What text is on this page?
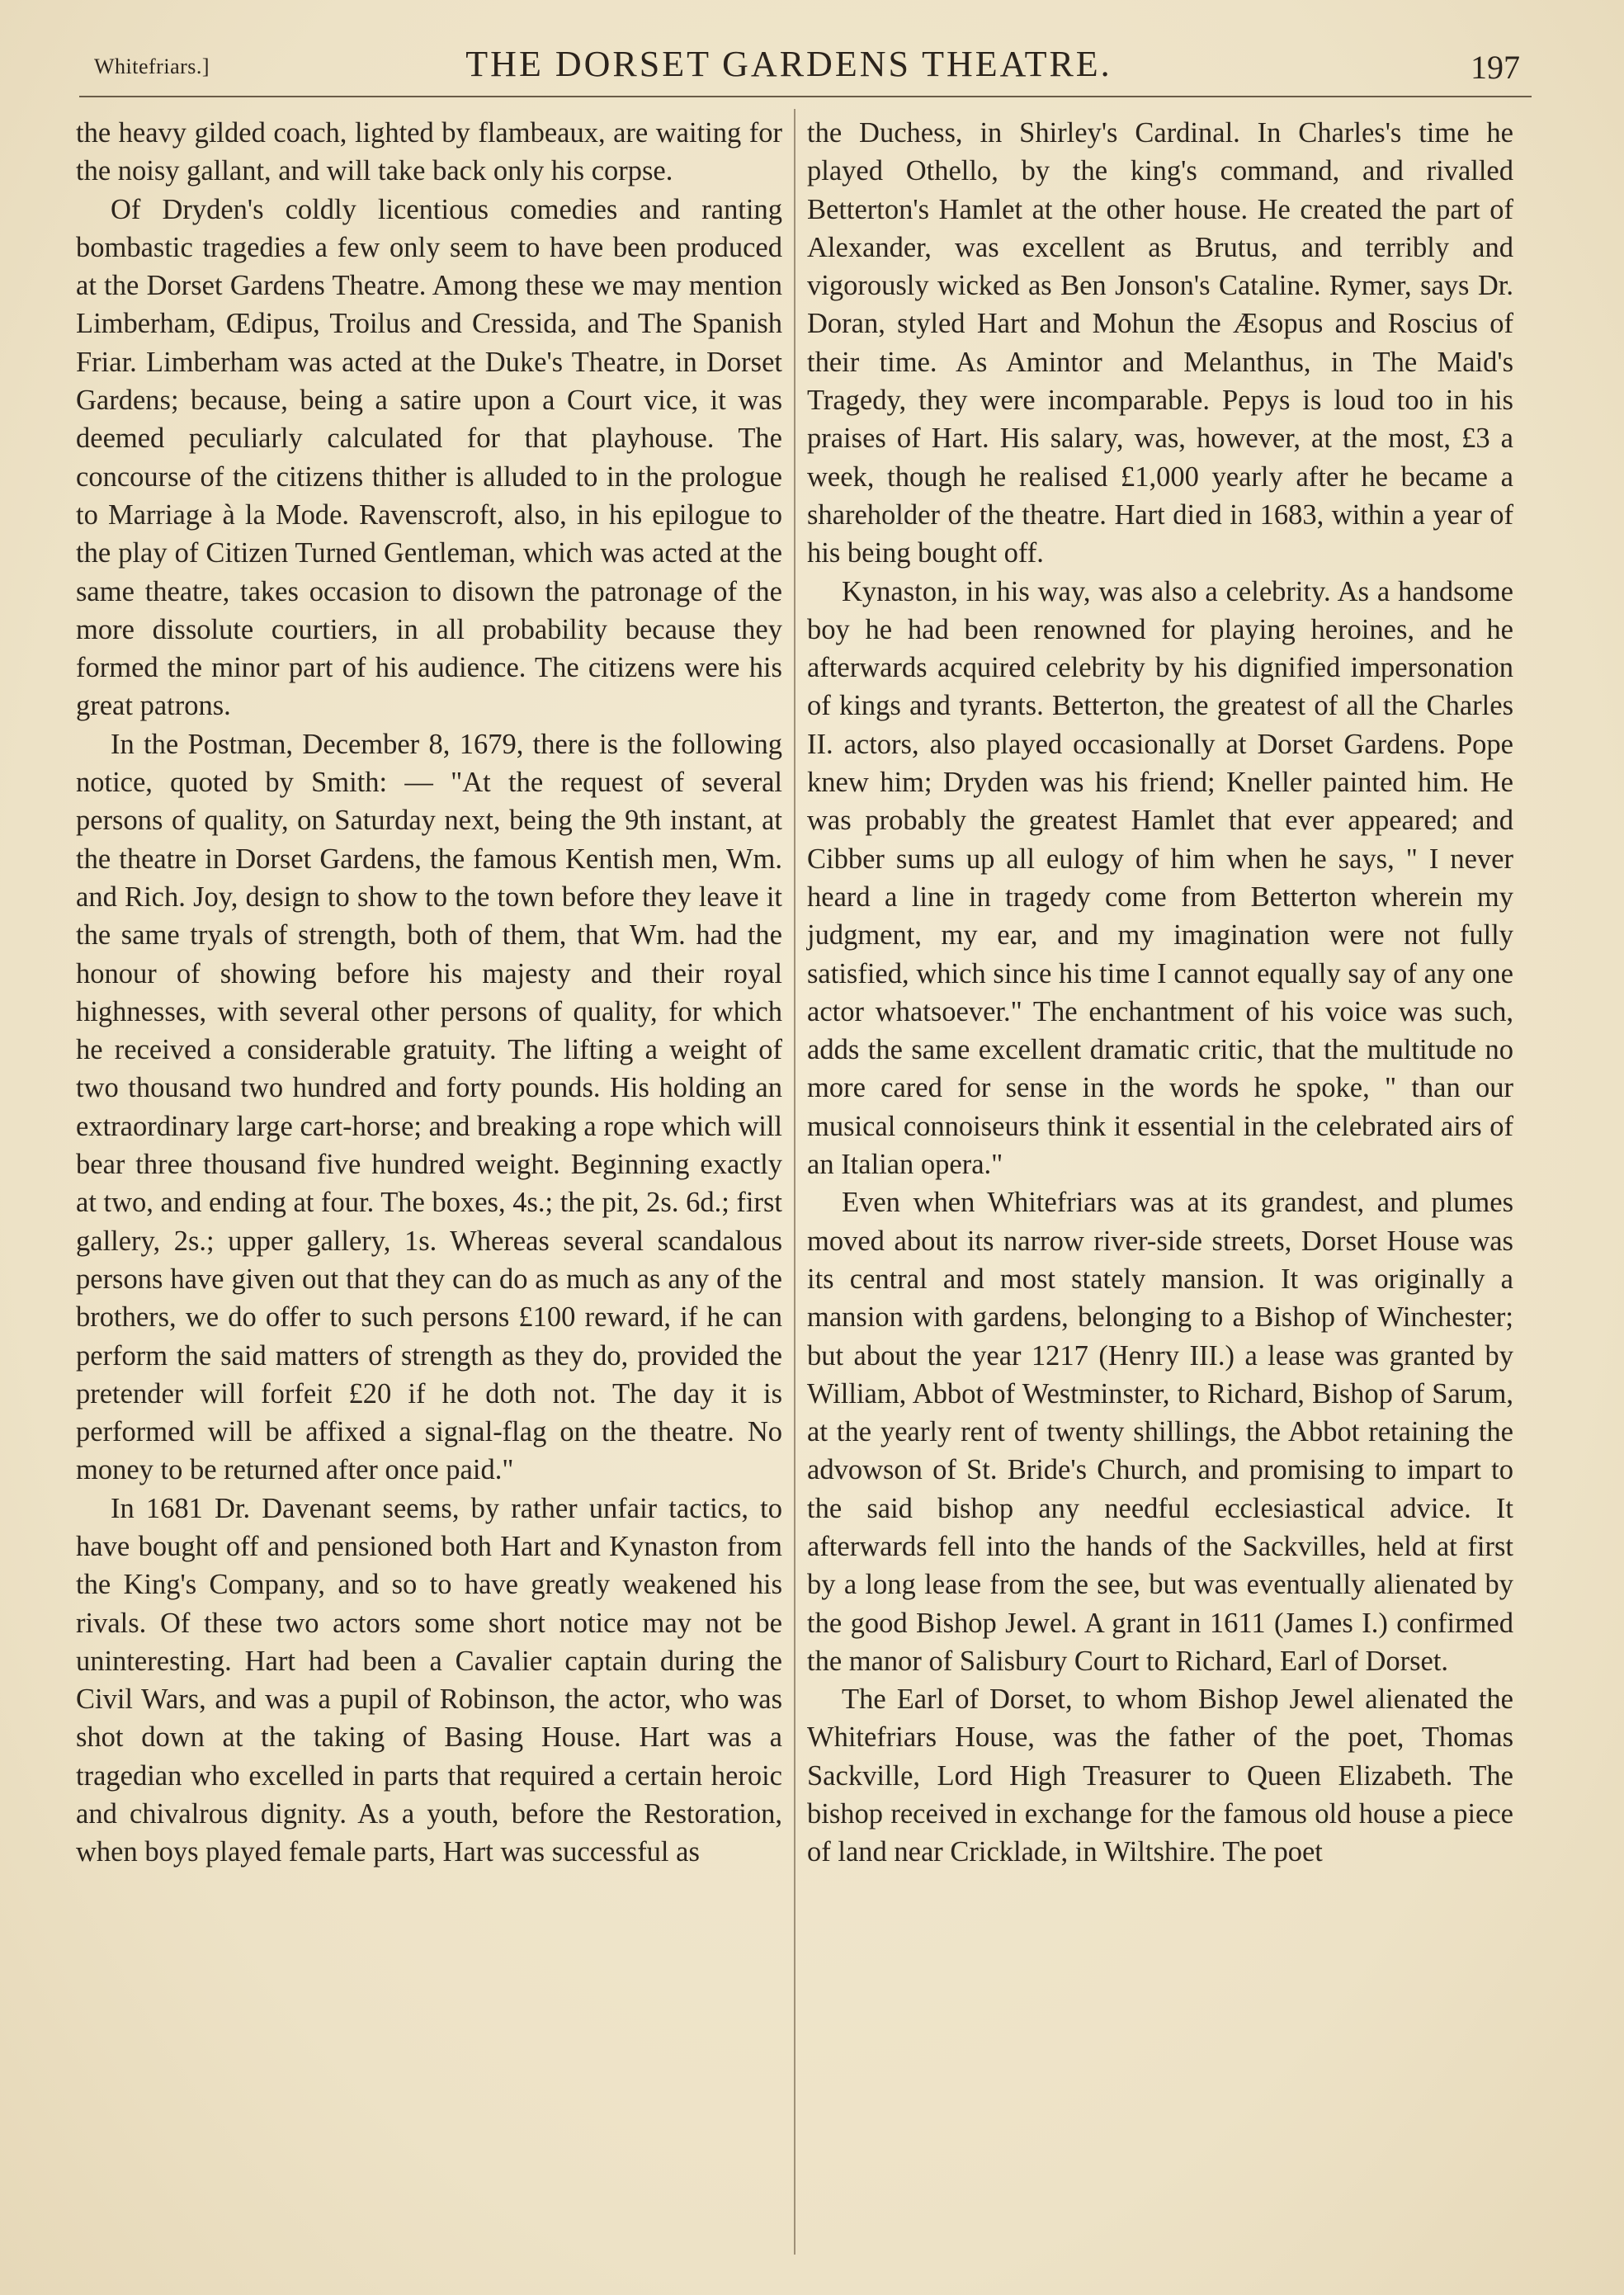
Whitefriars.]	THE DORSET GARDENS THEATRE.	197

the heavy gilded coach, lighted by flambeaux, are waiting for the noisy gallant, and will take back only his corpse.

Of Dryden's coldly licentious comedies and ranting bombastic tragedies a few only seem to have been produced at the Dorset Gardens Theatre. Among these we may mention Limberham, Œdipus, Troilus and Cressida, and The Spanish Friar. Limberham was acted at the Duke's Theatre, in Dorset Gardens; because, being a satire upon a Court vice, it was deemed peculiarly calculated for that playhouse. The concourse of the citizens thither is alluded to in the prologue to Marriage à la Mode. Ravenscroft, also, in his epilogue to the play of Citizen Turned Gentleman, which was acted at the same theatre, takes occasion to disown the patronage of the more dissolute courtiers, in all probability because they formed the minor part of his audience. The citizens were his great patrons.

In the Postman, December 8, 1679, there is the following notice, quoted by Smith: — "At the request of several persons of quality, on Saturday next, being the 9th instant, at the theatre in Dorset Gardens, the famous Kentish men, Wm. and Rich. Joy, design to show to the town before they leave it the same tryals of strength, both of them, that Wm. had the honour of showing before his majesty and their royal highnesses, with several other persons of quality, for which he received a considerable gratuity. The lifting a weight of two thousand two hundred and forty pounds. His holding an extraordinary large cart-horse; and breaking a rope which will bear three thousand five hundred weight. Beginning exactly at two, and ending at four. The boxes, 4s.; the pit, 2s. 6d.; first gallery, 2s.; upper gallery, 1s. Whereas several scandalous persons have given out that they can do as much as any of the brothers, we do offer to such persons £100 reward, if he can perform the said matters of strength as they do, provided the pretender will forfeit £20 if he doth not. The day it is performed will be affixed a signal-flag on the theatre. No money to be returned after once paid."

In 1681 Dr. Davenant seems, by rather unfair tactics, to have bought off and pensioned both Hart and Kynaston from the King's Company, and so to have greatly weakened his rivals. Of these two actors some short notice may not be uninteresting. Hart had been a Cavalier captain during the Civil Wars, and was a pupil of Robinson, the actor, who was shot down at the taking of Basing House. Hart was a tragedian who excelled in parts that required a certain heroic and chivalrous dignity. As a youth, before the Restoration, when boys played female parts, Hart was successful as

the Duchess, in Shirley's Cardinal. In Charles's time he played Othello, by the king's command, and rivalled Betterton's Hamlet at the other house. He created the part of Alexander, was excellent as Brutus, and terribly and vigorously wicked as Ben Jonson's Cataline. Rymer, says Dr. Doran, styled Hart and Mohun the Æsopus and Roscius of their time. As Amintor and Melanthus, in The Maid's Tragedy, they were incomparable. Pepys is loud too in his praises of Hart. His salary, was, however, at the most, £3 a week, though he realised £1,000 yearly after he became a shareholder of the theatre. Hart died in 1683, within a year of his being bought off.

Kynaston, in his way, was also a celebrity. As a handsome boy he had been renowned for playing heroines, and he afterwards acquired celebrity by his dignified impersonation of kings and tyrants. Betterton, the greatest of all the Charles II. actors, also played occasionally at Dorset Gardens. Pope knew him; Dryden was his friend; Kneller painted him. He was probably the greatest Hamlet that ever appeared; and Cibber sums up all eulogy of him when he says, " I never heard a line in tragedy come from Betterton wherein my judgment, my ear, and my imagination were not fully satisfied, which since his time I cannot equally say of any one actor whatsoever." The enchantment of his voice was such, adds the same excellent dramatic critic, that the multitude no more cared for sense in the words he spoke, " than our musical connoiseurs think it essential in the celebrated airs of an Italian opera."

Even when Whitefriars was at its grandest, and plumes moved about its narrow river-side streets, Dorset House was its central and most stately mansion. It was originally a mansion with gardens, belonging to a Bishop of Winchester; but about the year 1217 (Henry III.) a lease was granted by William, Abbot of Westminster, to Richard, Bishop of Sarum, at the yearly rent of twenty shillings, the Abbot retaining the advowson of St. Bride's Church, and promising to impart to the said bishop any needful ecclesiastical advice. It afterwards fell into the hands of the Sackvilles, held at first by a long lease from the see, but was eventually alienated by the good Bishop Jewel. A grant in 1611 (James I.) confirmed the manor of Salisbury Court to Richard, Earl of Dorset.

The Earl of Dorset, to whom Bishop Jewel alienated the Whitefriars House, was the father of the poet, Thomas Sackville, Lord High Treasurer to Queen Elizabeth. The bishop received in exchange for the famous old house a piece of land near Cricklade, in Wiltshire. The poet
